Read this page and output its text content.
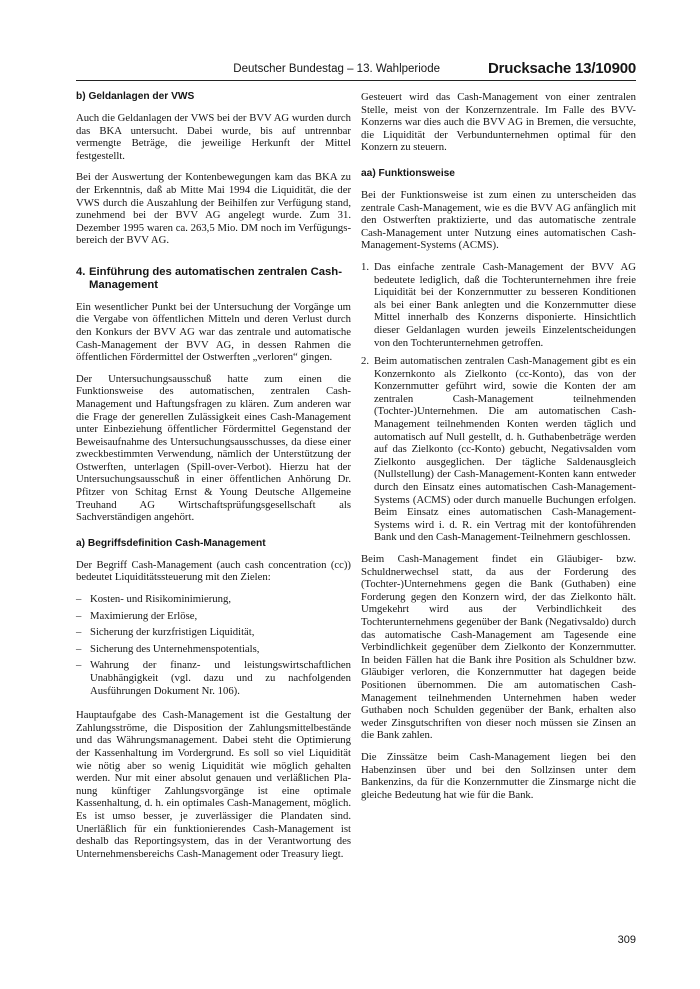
Deutscher Bundestag – 13. Wahlperiode	Drucksache 13/10900
b) Geldanlagen der VWS

Auch die Geldanlagen der VWS bei der BVV AG wurden durch das BKA untersucht. Dabei wurde, bis auf untrennbar vermengte Beträge, die jeweilige Herkunft der Mittel festgestellt.

Bei der Auswertung der Kontenbewegungen kam das BKA zu der Erkenntnis, daß ab Mitte Mai 1994 die Liquidität, die der VWS durch die Auszahlung der Beihilfen zur Verfügung stand, zunehmend bei der BVV AG angelegt wurde. Zum 31. Dezember 1995 waren ca. 263,5 Mio. DM noch im Verfügungsbereich der BVV AG.

4. Einführung des automatischen zentralen Cash-Management

Ein wesentlicher Punkt bei der Untersuchung der Vorgänge um die Vergabe von öffentlichen Mitteln und deren Verlust durch den Konkurs der BVV AG war das zentrale und automatische Cash-Management der BVV AG, in dessen Rahmen die öffentlichen Fördermittel der Ostwerften „verloren“ gingen.

Der Untersuchungsausschuß hatte zum einen die Funktionsweise des automatischen, zentralen Cash-Management und Haftungsfragen zu klären. Zum anderen war die Frage der generellen Zulässigkeit eines Cash-Management unter Einbeziehung öffentlicher Fördermittel Gegenstand der Beweisaufnahme des Untersuchungsausschusses, da diese einer zweckbestimmten Verwendung, nämlich der Unterstützung der Ostwerften, unterlagen (Spill-over-Verbot). Hierzu hat der Untersuchungsausschuß in einer öffentlichen Anhörung Dr. Pfitzer von Schitag Ernst & Young Deutsche Allgemeine Treuhand AG Wirtschaftsprüfungsgesellschaft als Sachverständigen angehört.

a) Begriffsdefinition Cash-Management

Der Begriff Cash-Management (auch cash concentration (cc)) bedeutet Liquiditätssteuerung mit den Zielen:

– Kosten- und Risikominimierung,
– Maximierung der Erlöse,
– Sicherung der kurzfristigen Liquidität,
– Sicherung des Unternehmenspotentials,
– Wahrung der finanz- und leistungswirtschaftlichen Unabhängigkeit (vgl. dazu und zu nachfolgenden Ausführungen Dokument Nr. 106).

Hauptaufgabe des Cash-Management ist die Gestaltung der Zahlungsströme, die Disposition der Zahlungsmittelbestände und das Währungsmanagement. Dabei steht die Optimierung der Kassenhaltung im Vordergrund. Es soll so viel Liquidität wie nötig aber so wenig Liquidität wie möglich gehalten werden. Nur mit einer absolut genauen und verläßlichen Planung künftiger Zahlungsvorgänge ist eine optimale Kassenhaltung, d. h. ein optimales Cash-Management, möglich. Es ist umso besser, je zuverlässiger die Plandaten sind. Unerläßlich für ein funktionierendes Cash-Management ist deshalb das Reportingsystem, das in der Verantwortung des Unternehmensbereichs Cash-Management oder Treasury liegt.

Gesteuert wird das Cash-Management von einer zentralen Stelle, meist von der Konzernzentrale. Im Falle des BVV-Konzerns war dies auch die BVV AG in Bremen, die versuchte, die Liquidität der Verbundunternehmen optimal für den Konzern zu steuern.

aa) Funktionsweise

Bei der Funktionsweise ist zum einen zu unterscheiden das zentrale Cash-Management, wie es die BVV AG anfänglich mit den Ostwerften praktizierte, und das automatische zentrale Cash-Management unter Nutzung eines automatischen Cash-Management-Systems (ACMS).

1. Das einfache zentrale Cash-Management der BVV AG bedeutete lediglich, daß die Tochterunternehmen ihre freie Liquidität bei der Konzernmutter zu besseren Konditionen als bei einer Bank anlegten und die Konzernmutter diese Mittel innerhalb des Konzerns disponierte. Hinsichtlich dieser Geldanlagen wurden jeweils Einzelentscheidungen von den Tochterunternehmen getroffen.
2. Beim automatischen zentralen Cash-Management gibt es ein Konzernkonto als Zielkonto (cc-Konto), das von der Konzernmutter geführt wird, sowie die Konten der am zentralen Cash-Management teilnehmenden (Tochter-)Unternehmen. Die am automatischen Cash-Management teilnehmenden Konten werden täglich und automatisch auf Null gestellt, d. h. Guthabenbeträge werden auf das Zielkonto (cc-Konto) gebucht, Negativsalden vom Zielkonto ausgeglichen. Der tägliche Saldenausgleich (Nullstellung) der Cash-Management-Konten kann entweder durch den Einsatz eines automatischen Cash-Management-Systems (ACMS) oder durch manuelle Buchungen erfolgen. Beim Einsatz eines automatischen Cash-Management-Systems wird i. d. R. ein Vertrag mit der kontoführenden Bank und den Cash-Management-Teilnehmern geschlossen.

Beim Cash-Management findet ein Gläubiger- bzw. Schuldnerwechsel statt, da aus der Forderung des (Tochter-)Unternehmens gegen die Bank (Guthaben) eine Forderung gegen den Konzern wird, der das Zielkonto hält. Umgekehrt wird aus der Verbindlichkeit des Tochterunternehmens gegenüber der Bank (Negativsaldo) durch das automatische Cash-Management am Tagesende eine Verbindlichkeit gegenüber dem Zielkonto der Konzernmutter. In beiden Fällen hat die Bank ihre Position als Schuldner bzw. Gläubiger verloren, die Konzernmutter hat dagegen beide Positionen übernommen. Die am automatischen Cash-Management teilnehmenden Unternehmen haben weder Guthaben noch Schulden gegenüber der Bank, erhalten also weder Zinsgutschriften von dieser noch müssen sie Zinsen an die Bank zahlen.

Die Zinssätze beim Cash-Management liegen bei den Habenzinsen über und bei den Sollzinsen unter dem Bankenzins, da für die Konzernmutter die Zinsmarge nicht die gleiche Bedeutung hat wie für die Bank.

309
